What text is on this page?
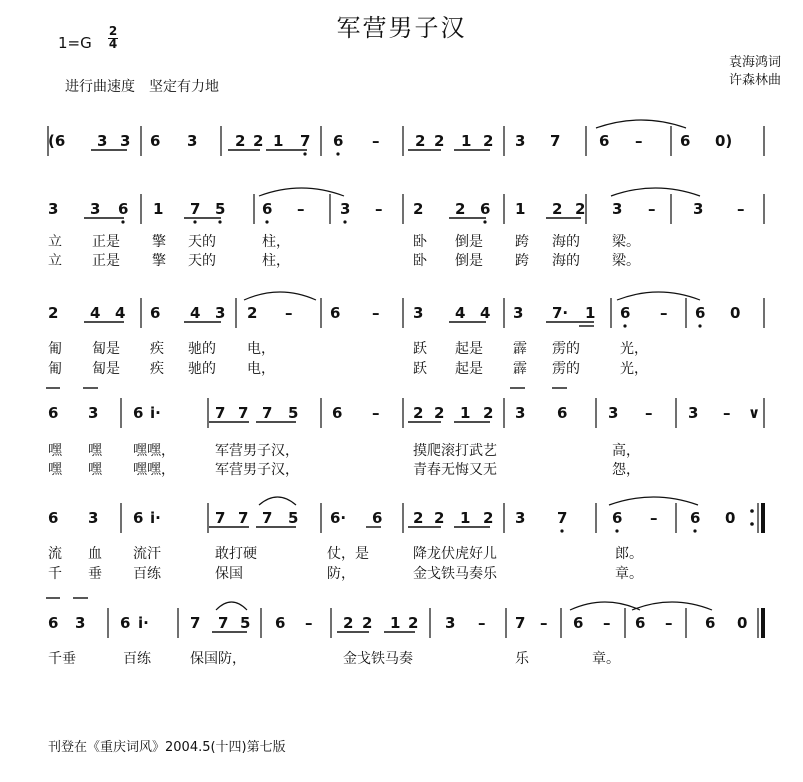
军营男子汉
1=G
2
4
袁海鸿词
许森林曲
进行曲速度　坚定有力地
(6 3 3 6 3	2 2 1 7 6 – 2 2 1 2 3 7	6 –	6 0)
3 3 6 1 7 5 6 – 3 – 2 2 6 1 2 2 3 –	3 –
立 正是 擎 天的	柱，	卧 倒是 跨 海的 梁。
立 正是 擎 天的	柱，	卧 倒是 跨 海的 梁。
2 4 4 6 4 3 2 –	6 – 3 4 4 3 7· 1 6 – 6 0
匍 匐是 疾 驰的 电，	跃 起是 霹 雳的	光，
匍 匐是 疾 驰的 电，	跃 起是 霹 雳的	光，
6 3 6 i·	7 7 7 5 6 – 2 2 1 2 3 6	3 – 3 – ∨
嘿 嘿 嘿嘿，	军营男子汉，	摸爬滚打武艺	高，
嘿 嘿 嘿嘿，	军营男子汉，	青春无悔又无	怨，
6 3 6 i·	7 7 7 5 6· 6 2 2 1 2 3 7	6 – 6 0
流 血 流汗	敢打硬	仗，是	降龙伏虎好儿	郎。
千 垂 百练	保国	防，	金戈铁马奏乐	章。
6 3 6 i·	7 7 5 6 – 2 2 1 2 3 – 7 – 6 – 6 – 6 0
千垂	百练	保国防，	金戈铁马奏	乐	章。
刊登在《重庆词风》2004.5(十四)第七版
